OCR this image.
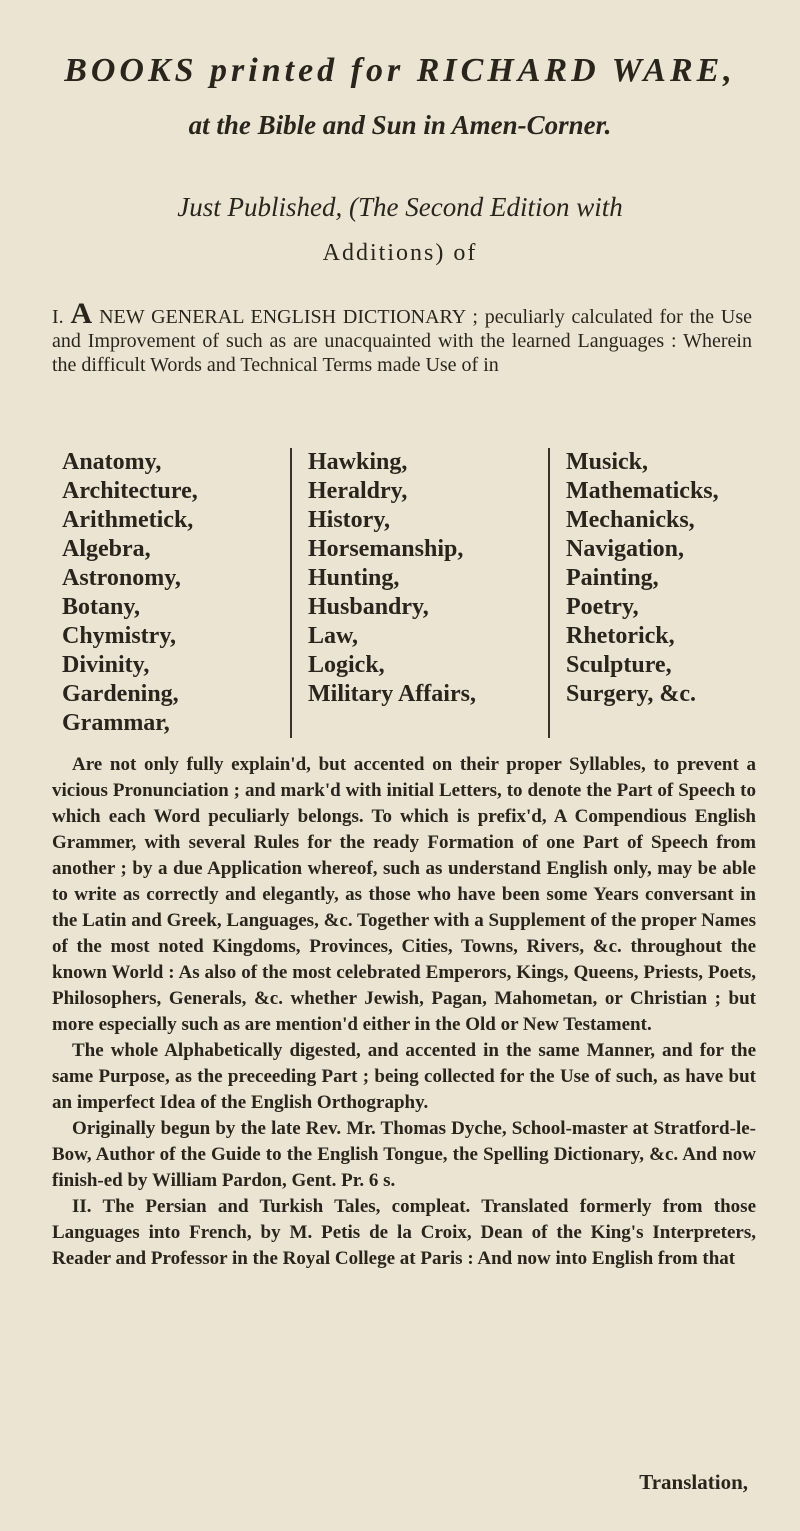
BOOKS printed for RICHARD WARE,
at the Bible and Sun in Amen-Corner.
Just Published, (The Second Edition with
Additions) of
I. A NEW GENERAL ENGLISH DICTIONARY ; peculiarly calculated for the Use and Improvement of such as are unacquainted with the learned Languages : Wherein the difficult Words and Technical Terms made Use of in
Anatomy,
Architecture,
Arithmetick,
Algebra,
Astronomy,
Botany,
Chymistry,
Divinity,
Gardening,
Grammar,
Hawking,
Heraldry,
History,
Horsemanship,
Hunting,
Husbandry,
Law,
Logick,
Military Affairs,
Musick,
Mathematicks,
Mechanicks,
Navigation,
Painting,
Poetry,
Rhetorick,
Sculpture,
Surgery, &c.

Are not only fully explain'd, but accented on their proper Syllables, to prevent a vicious Pronunciation ; and mark'd with initial Letters, to denote the Part of Speech to which each Word peculiarly belongs. To which is prefix'd, A Compendious English Grammer, with several Rules for the ready Formation of one Part of Speech from another ; by a due Application whereof, such as understand English only, may be able to write as correctly and elegantly, as those who have been some Years conversant in the Latin and Greek, Languages, &c. Together with a Supplement of the proper Names of the most noted Kingdoms, Provinces, Cities, Towns, Rivers, &c. throughout the known World : As also of the most celebrated Emperors, Kings, Queens, Priests, Poets, Philosophers, Generals, &c. whether Jewish, Pagan, Mahometan, or Christian ; but more especially such as are mention'd either in the Old or New Testament.

The whole Alphabetically digested, and accented in the same Manner, and for the same Purpose, as the preceeding Part ; being collected for the Use of such, as have but an imperfect Idea of the English Orthography.

Originally begun by the late Rev. Mr. Thomas Dyche, School-master at Stratford-le-Bow, Author of the Guide to the English Tongue, the Spelling Dictionary, &c. And now finish-ed by William Pardon, Gent. Pr. 6 s.

II. The Persian and Turkish Tales, compleat. Translated formerly from those Languages into French, by M. Petis de la Croix, Dean of the King's Interpreters, Reader and Professor in the Royal College at Paris : And now into English from that

Translation,
